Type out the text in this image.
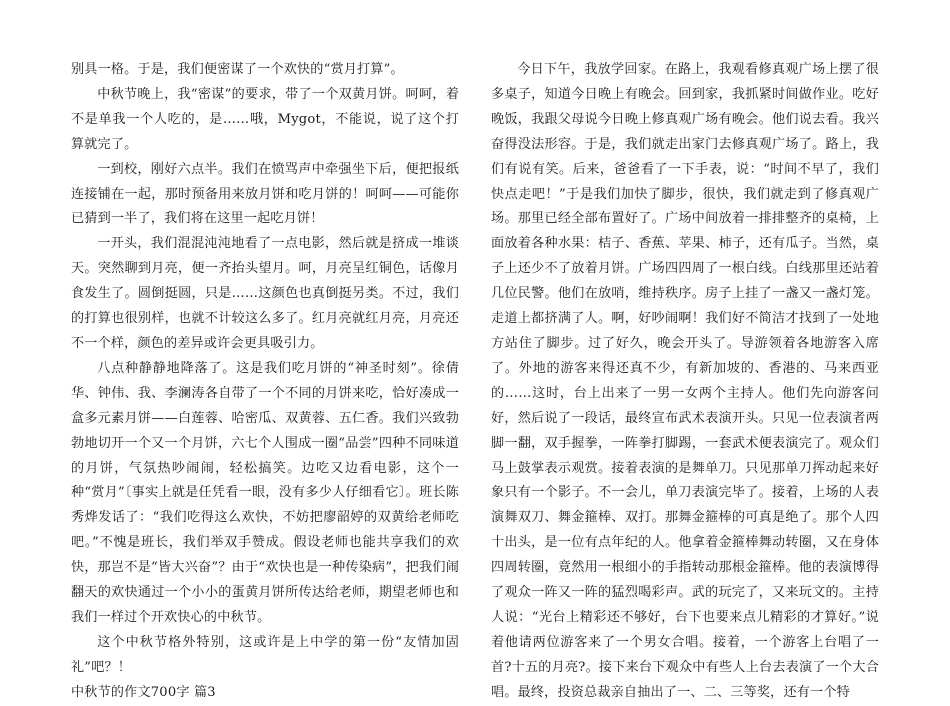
别具一格。于是，我们便密谋了一个欢快的“赏月打算”。

中秋节晚上，我“密谋”的要求，带了一个双黄月饼。呵呵，着不是单我一个人吃的，是……哦，Mygot，不能说，说了这个打算就完了。

一到校，刚好六点半。我们在愤骂声中牵强坐下后，便把报纸连接铺在一起，那时预备用来放月饼和吃月饼的！呵呵——可能你已猜到一半了，我们将在这里一起吃月饼！

一开头，我们混混沌沌地看了一点电影，然后就是挤成一堆谈天。突然聊到月亮，便一齐抬头望月。呵，月亮呈红铜色，话像月食发生了。圆倒挺圆，只是……这颜色也真倒挺另类。不过，我们的打算也很别样，也就不计较这么多了。红月亮就红月亮，月亮还不一个样，颜色的差异或许会更具吸引力。

八点种静静地降落了。这是我们吃月饼的“神圣时刻”。徐倩华、钟伟、我、李澜涛各自带了一个不同的月饼来吃，恰好凑成一盒多元素月饼——白莲蓉、哈密瓜、双黄蓉、五仁香。我们兴致勃勃地切开一个又一个月饼，六七个人围成一圈“品尝”四种不同味道的月饼，气氛热吵闹闹，轻松搞笑。边吃又边看电影，这个一种“赏月”〔事实上就是任凭看一眼，没有多少人仔细看它〕。班长陈秀烨发话了：“我们吃得这么欢快，不妨把廖韶婷的双黄给老师吃吧。”不愧是班长，我们举双手赞成。假设老师也能共享我们的欢快，那岂不是“皆大兴奋”？由于“欢快也是一种传染病”，把我们闹翻天的欢快通过一个小小的蛋黄月饼所传达给老师，期望老师也和我们一样过个开欢快心的中秋节。

这个中秋节格外特别，这或许是上中学的第一份“友情加固礼”吧？！

中秋节的作文700字 篇3

今日下午，我放学回家。在路上，我观看修真观广场上摆了很多桌子，知道今日晚上有晚会。回到家，我抓紧时间做作业。吃好晚饭，我跟父母说今日晚上修真观广场有晚会。他们说去看。我兴奋得没法形容。于是，我们就走出家门去修真观广场了。路上，我们有说有笑。后来，爸爸看了一下手表，说：“时间不早了，我们快点走吧！”于是我们加快了脚步，很快，我们就走到了修真观广场。那里已经全部布置好了。广场中间放着一排排整齐的桌椅，上面放着各种水果：桔子、香蕉、苹果、柿子，还有瓜子。当然，桌子上还少不了放着月饼。广场四四周了一根白线。白线那里还站着几位民警。他们在放哨，维持秩序。房子上挂了一盏又一盏灯笼。走道上都挤满了人。啊，好吵闹啊！我们好不简洁才找到了一处地方站住了脚步。过了好久，晚会开头了。导游领着各地游客入席了。外地的游客来得还真不少，有新加坡的、香港的、马来西亚的……这时，台上出来了一男一女两个主持人。他们先向游客问好，然后说了一段话，最终宣布武术表演开头。只见一位表演者两脚一翻，双手握拳，一阵拳打脚踢，一套武术便表演完了。观众们马上鼓掌表示观赏。接着表演的是舞单刀。只见那单刀挥动起来好象只有一个影子。不一会儿，单刀表演完毕了。接着，上场的人表演舞双刀、舞金箍棒、双打。那舞金箍棒的可真是绝了。那个人四十出头，是一位有点年纪的人。他拿着金箍棒舞动转圈，又在身体四周转圈，竟然用一根细小的手指转动那根金箍棒。他的表演博得了观众一阵又一阵的猛烈喝彩声。武的玩完了，又来玩文的。主持人说：“光台上精彩还不够好，台下也要来点儿精彩的才算好。”说着他请两位游客来了一个男女合唱。接着，一个游客上台唱了一首?十五的月亮?。接下来台下观众中有些人上台去表演了一个大合唱。最终，投资总裁亲自抽出了一、二、三等奖，还有一个特
